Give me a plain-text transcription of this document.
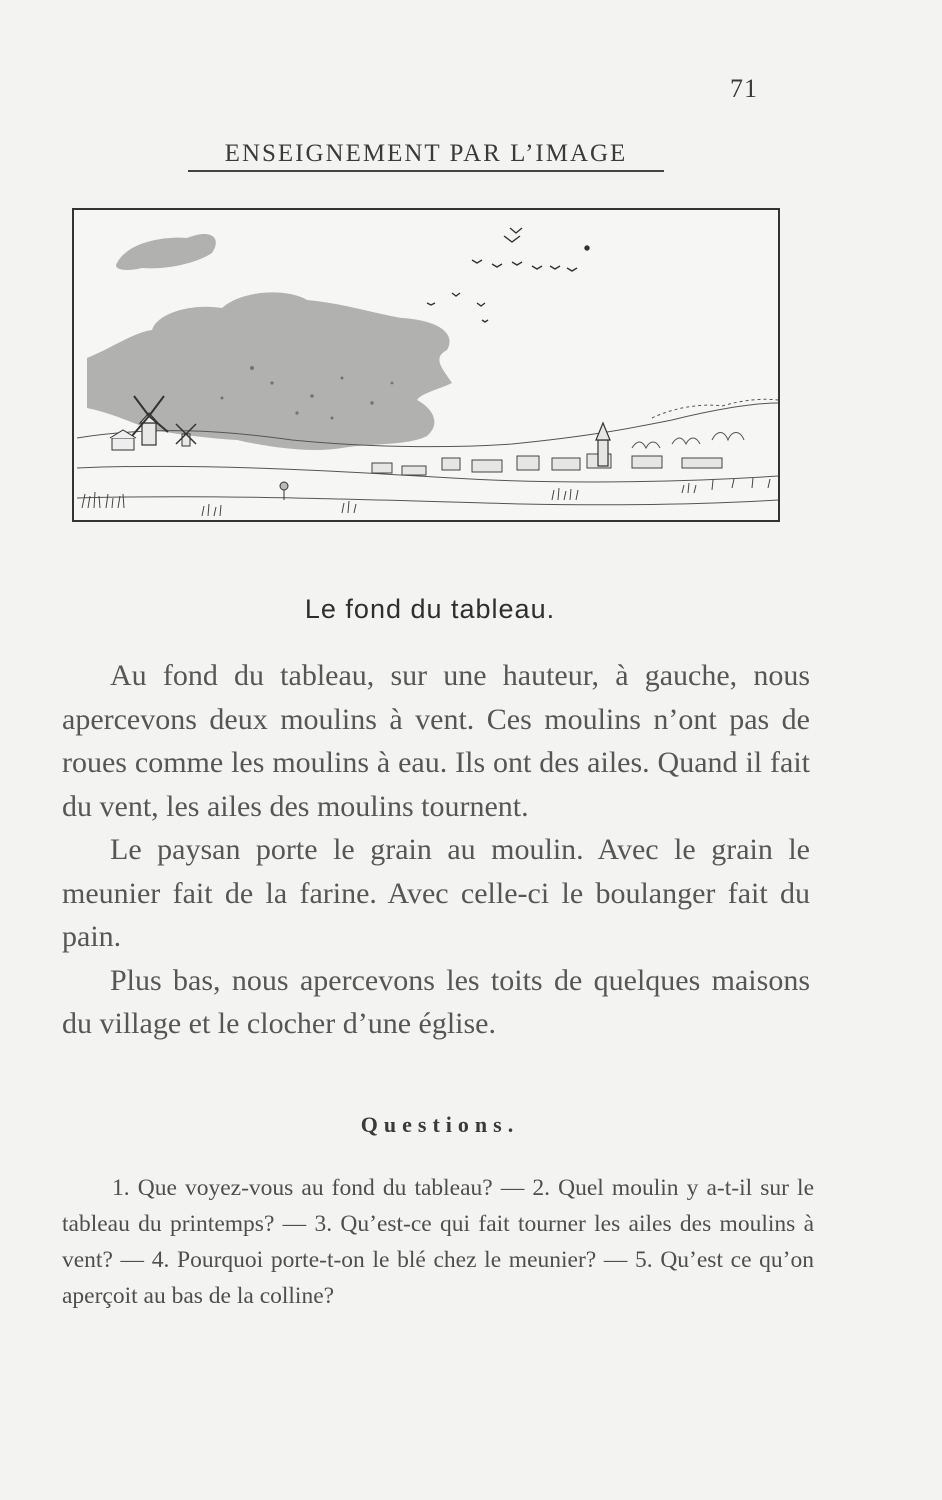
71
ENSEIGNEMENT PAR L’IMAGE
Le fond du tableau.

Au fond du tableau, sur une hauteur, à gauche, nous apercevons deux moulins à vent. Ces moulins n’ont pas de roues comme les moulins à eau. Ils ont des ailes. Quand il fait du vent, les ailes des moulins tournent.

Le paysan porte le grain au moulin. Avec le grain le meunier fait de la farine. Avec celle-ci le boulanger fait du pain.

Plus bas, nous apercevons les toits de quelques maisons du village et le clocher d’une église.

Questions.
1. Que voyez-vous au fond du tableau? — 2. Quel moulin y a-t-il sur le tableau du printemps? — 3. Qu’est-ce qui fait tourner les ailes des moulins à vent? — 4. Pourquoi porte-t-on le blé chez le meunier? — 5. Qu’est ce qu’on aperçoit au bas de la colline?
